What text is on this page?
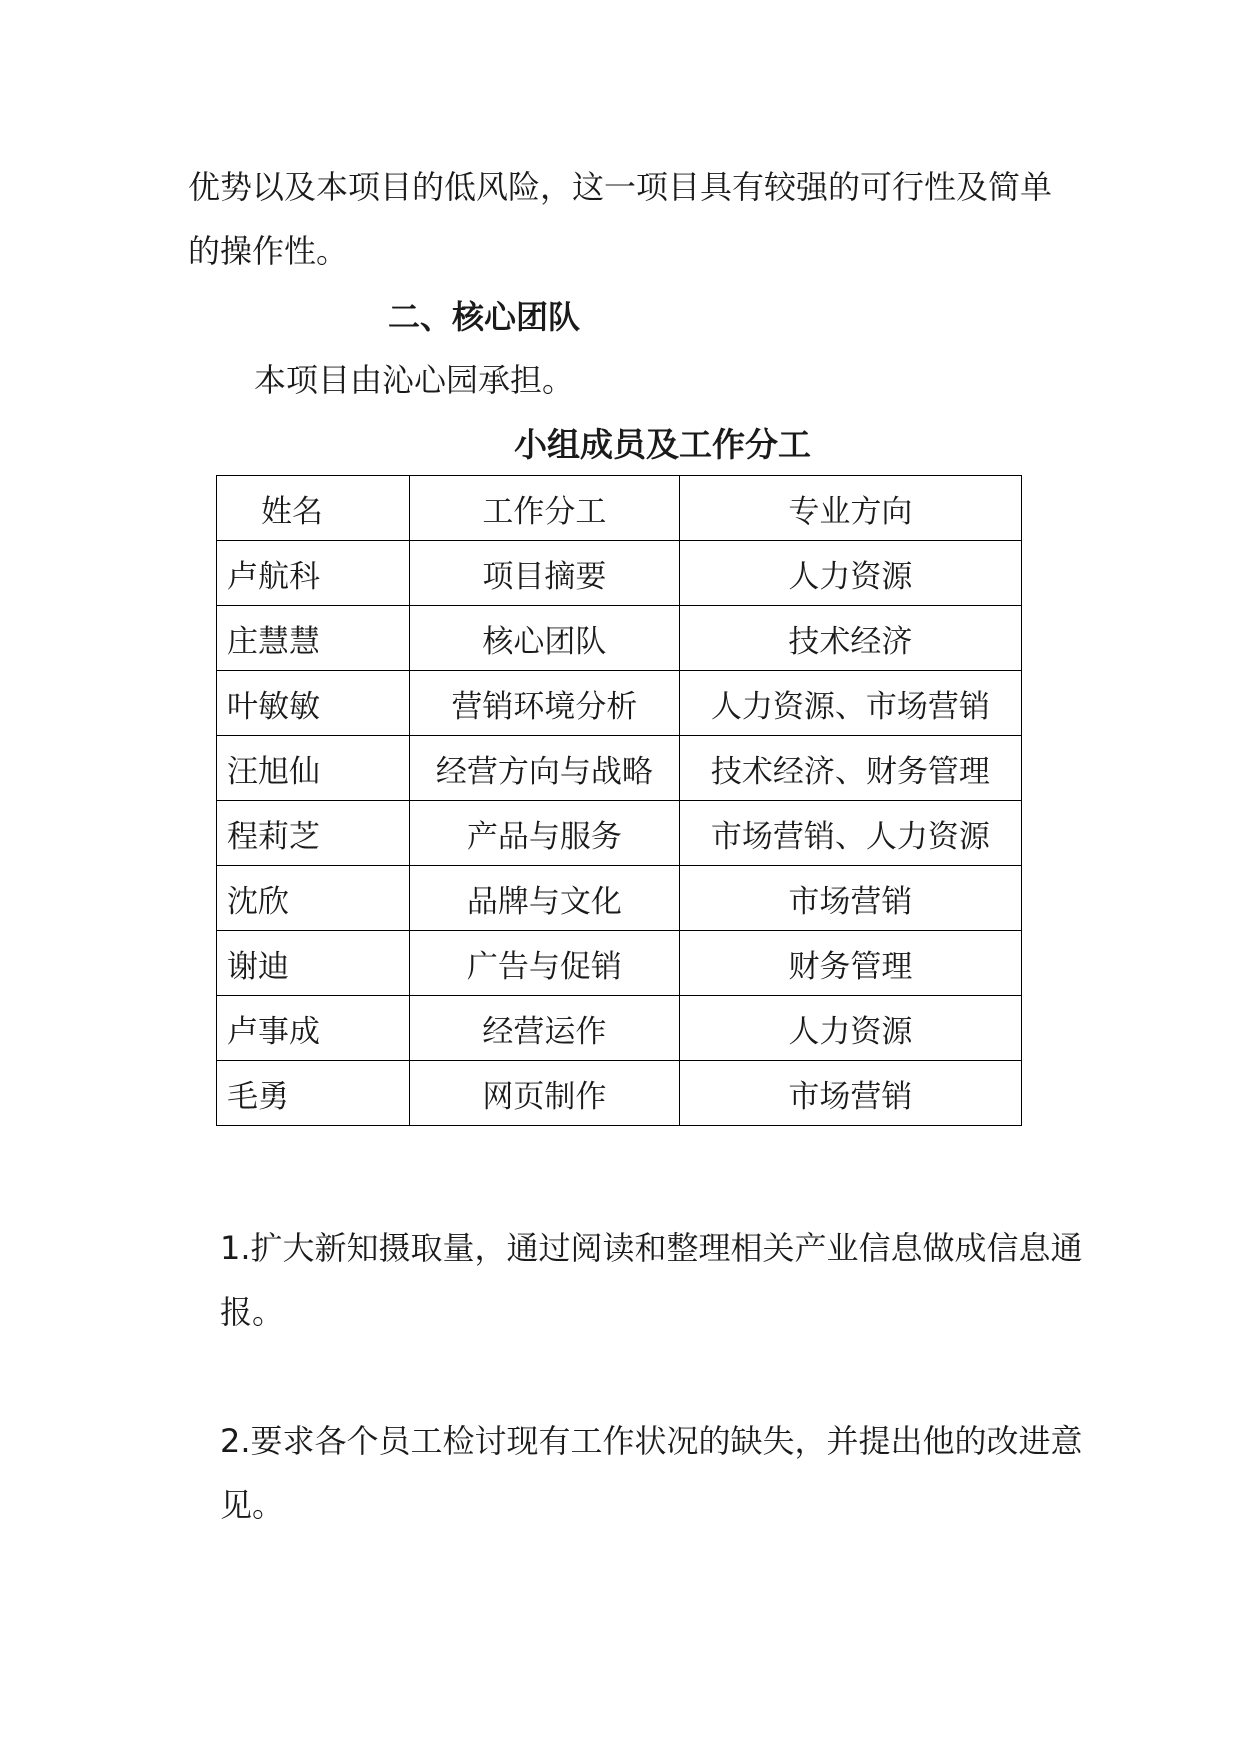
优势以及本项目的低风险，这一项目具有较强的可行性及简单的操作性。

二、核心团队

本项目由沁心园承担。

小组成员及工作分工
姓名	工作分工	专业方向
卢航科	项目摘要	人力资源
庄慧慧	核心团队	技术经济
叶敏敏	营销环境分析	人力资源、市场营销
汪旭仙	经营方向与战略	技术经济、财务管理
程莉芝	产品与服务	市场营销、人力资源
沈欣	品牌与文化	市场营销
谢迪	广告与促销	财务管理
卢事成	经营运作	人力资源
毛勇	网页制作	市场营销

1.扩大新知摄取量，通过阅读和整理相关产业信息做成信息通报。

2.要求各个员工检讨现有工作状况的缺失，并提出他的改进意见。
